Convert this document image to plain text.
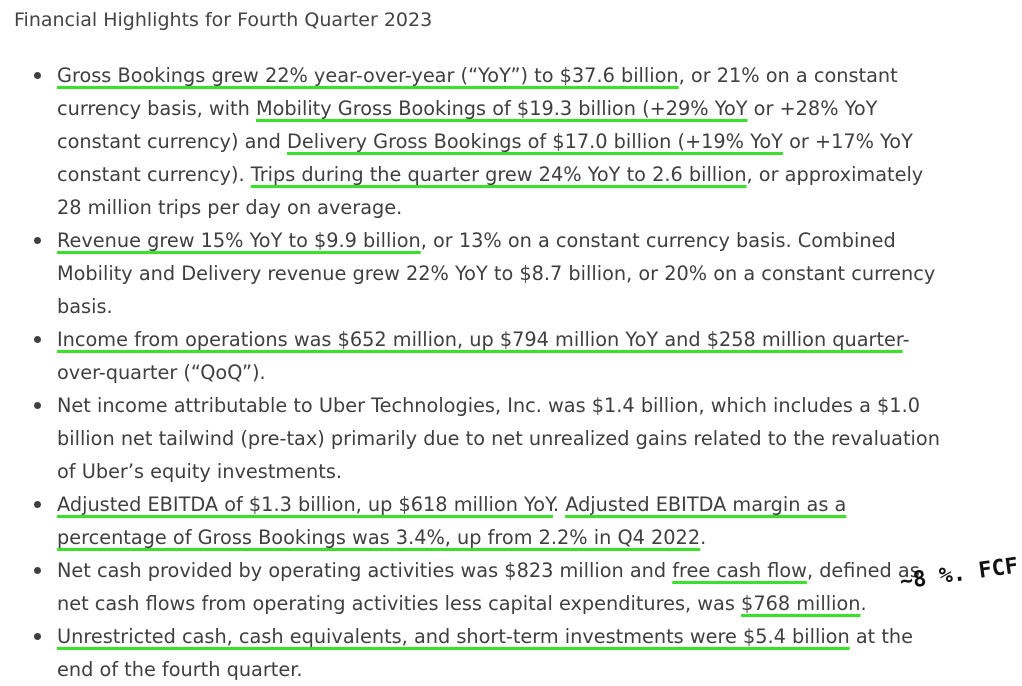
Financial Highlights for Fourth Quarter 2023
Gross Bookings grew 22% year-over-year (“YoY”) to $37.6 billion, or 21% on a constant currency basis, with Mobility Gross Bookings of $19.3 billion (+29% YoY or +28% YoY constant currency) and Delivery Gross Bookings of $17.0 billion (+19% YoY or +17% YoY constant currency). Trips during the quarter grew 24% YoY to 2.6 billion, or approximately 28 million trips per day on average.
Revenue grew 15% YoY to $9.9 billion, or 13% on a constant currency basis. Combined Mobility and Delivery revenue grew 22% YoY to $8.7 billion, or 20% on a constant currency basis.
Income from operations was $652 million, up $794 million YoY and $258 million quarter-over-quarter (“QoQ”).
Net income attributable to Uber Technologies, Inc. was $1.4 billion, which includes a $1.0 billion net tailwind (pre-tax) primarily due to net unrealized gains related to the revaluation of Uber’s equity investments.
Adjusted EBITDA of $1.3 billion, up $618 million YoY. Adjusted EBITDA margin as a percentage of Gross Bookings was 3.4%, up from 2.2% in Q4 2022.
Net cash provided by operating activities was $823 million and free cash flow, defined as net cash flows from operating activities less capital expenditures, was $768 million.
Unrestricted cash, cash equivalents, and short-term investments were $5.4 billion at the end of the fourth quarter.
~8 %. FCF
